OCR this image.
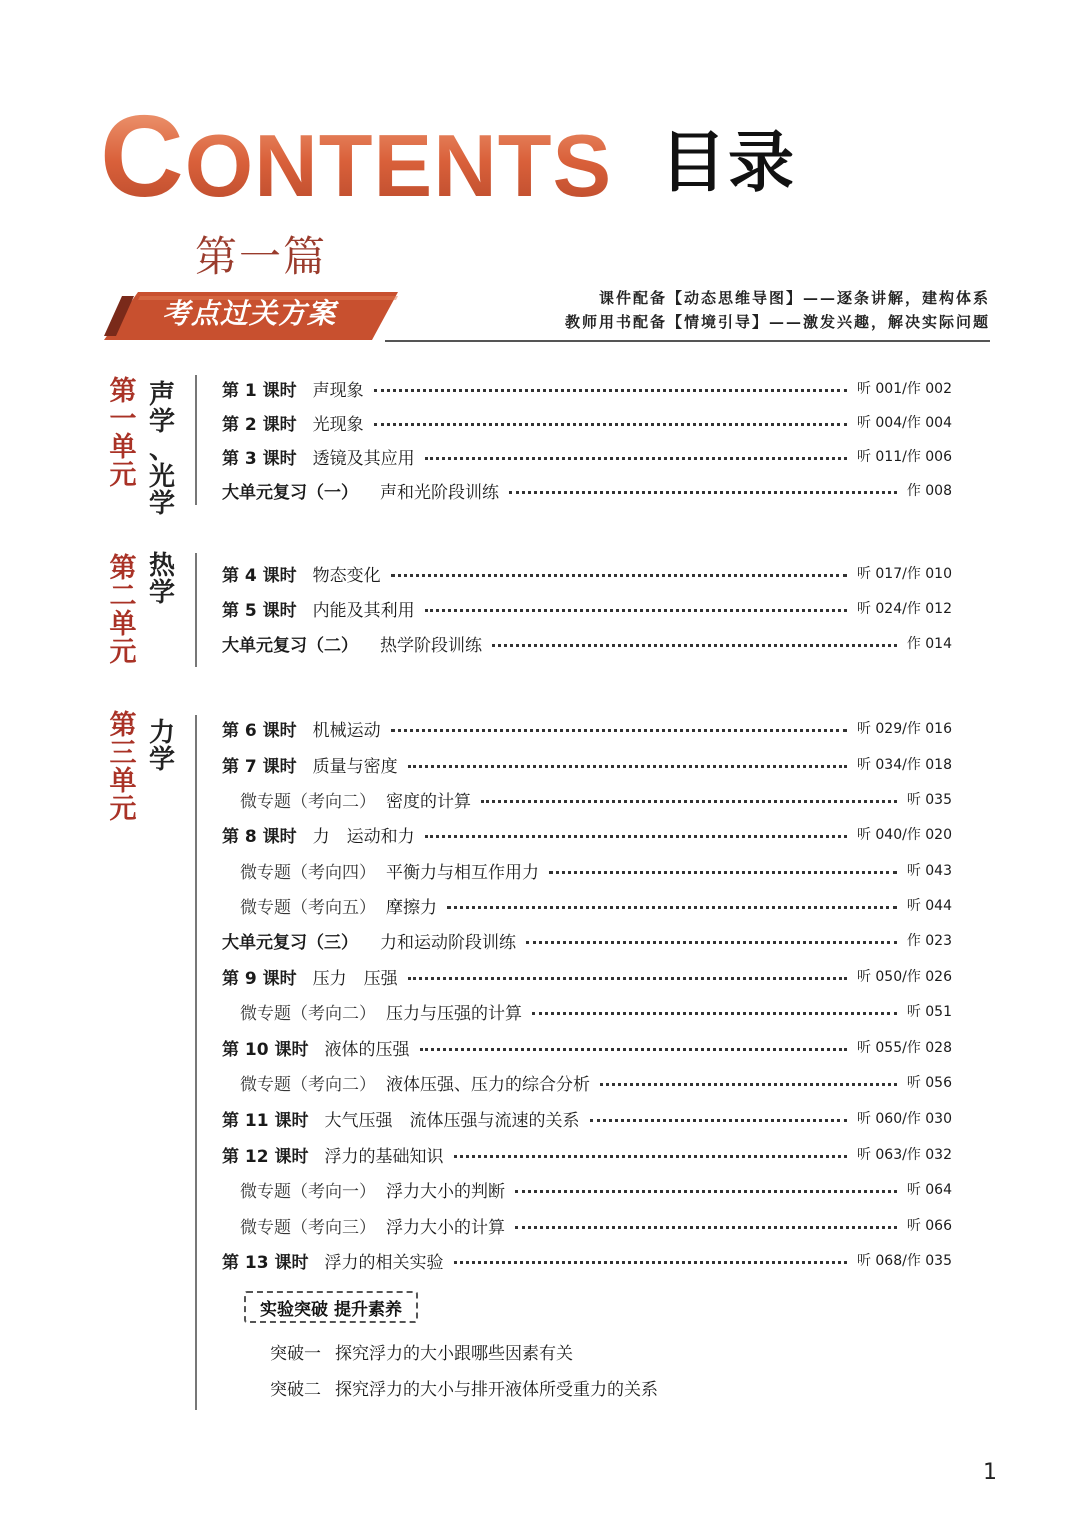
CONTENTS 目录
第一篇
考点过关方案	课件配备【动态思维导图】——逐条讲解，建构体系
教师用书配备【情境引导】——激发兴趣，解决实际问题
第
一
单
元
声
学
、
光
学
第 1 课时 声现象	听 001/作 002
第 2 课时 光现象	听 004/作 004
第 3 课时 透镜及其应用	听 011/作 006
大单元复习（一） 声和光阶段训练	作 008
第
二
单
元
热
学
第 4 课时 物态变化	听 017/作 010
第 5 课时 内能及其利用	听 024/作 012
大单元复习（二） 热学阶段训练	作 014
第
三
单
元
力
学
第 6 课时 机械运动	听 029/作 016
第 7 课时 质量与密度	听 034/作 018
微专题（考向二） 密度的计算	听 035
第 8 课时 力　运动和力	听 040/作 020
微专题（考向四） 平衡力与相互作用力	听 043
微专题（考向五） 摩擦力	听 044
大单元复习（三） 力和运动阶段训练	作 023
第 9 课时 压力　压强	听 050/作 026
微专题（考向二） 压力与压强的计算	听 051
第 10 课时 液体的压强	听 055/作 028
微专题（考向二） 液体压强、压力的综合分析	听 056
第 11 课时 大气压强　流体压强与流速的关系	听 060/作 030
第 12 课时 浮力的基础知识	听 063/作 032
微专题（考向一） 浮力大小的判断	听 064
微专题（考向三） 浮力大小的计算	听 066
第 13 课时 浮力的相关实验	听 068/作 035
实验突破 提升素养
突破一 探究浮力的大小跟哪些因素有关
突破二 探究浮力的大小与排开液体所受重力的关系
1
